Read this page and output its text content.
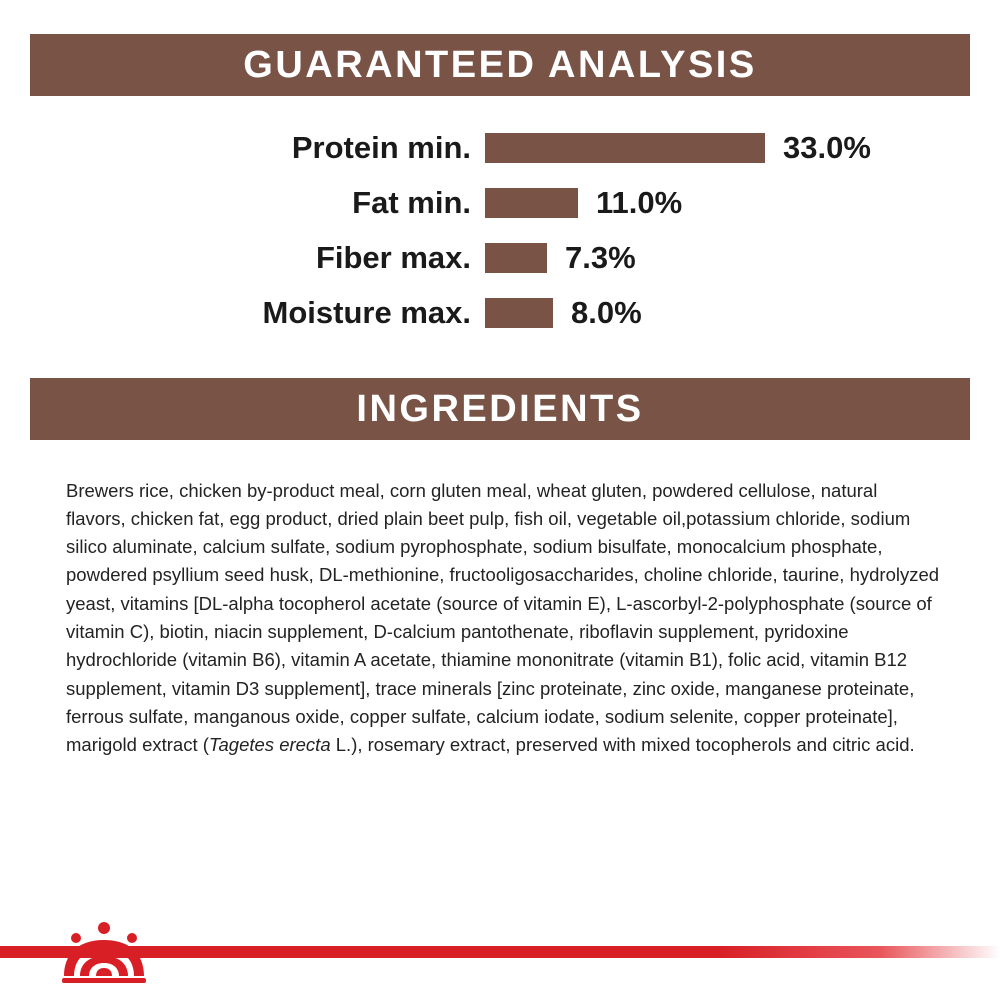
GUARANTEED ANALYSIS
Protein min.	33.0%
Fat min.	11.0%
Fiber max.	7.3%
Moisture max.	8.0%
INGREDIENTS

Brewers rice, chicken by-product meal, corn gluten meal, wheat gluten, powdered cellulose, natural flavors, chicken fat, egg product, dried plain beet pulp, fish oil, vegetable oil,potassium chloride, sodium silico aluminate, calcium sulfate, sodium pyrophosphate, sodium bisulfate, monocalcium phosphate, powdered psyllium seed husk, DL-methionine, fructooligosaccharides, choline chloride, taurine, hydrolyzed yeast, vitamins [DL-alpha tocopherol acetate (source of vitamin E), L-ascorbyl-2-polyphosphate (source of vitamin C), biotin, niacin supplement, D-calcium pantothenate, riboflavin supplement, pyridoxine hydrochloride (vitamin B6), vitamin A acetate, thiamine mononitrate (vitamin B1), folic acid, vitamin B12 supplement, vitamin D3 supplement], trace minerals [zinc proteinate, zinc oxide, manganese proteinate, ferrous sulfate, manganous oxide, copper sulfate, calcium iodate, sodium selenite, copper proteinate], marigold extract (Tagetes erecta L.), rosemary extract, preserved with mixed tocopherols and citric acid.
